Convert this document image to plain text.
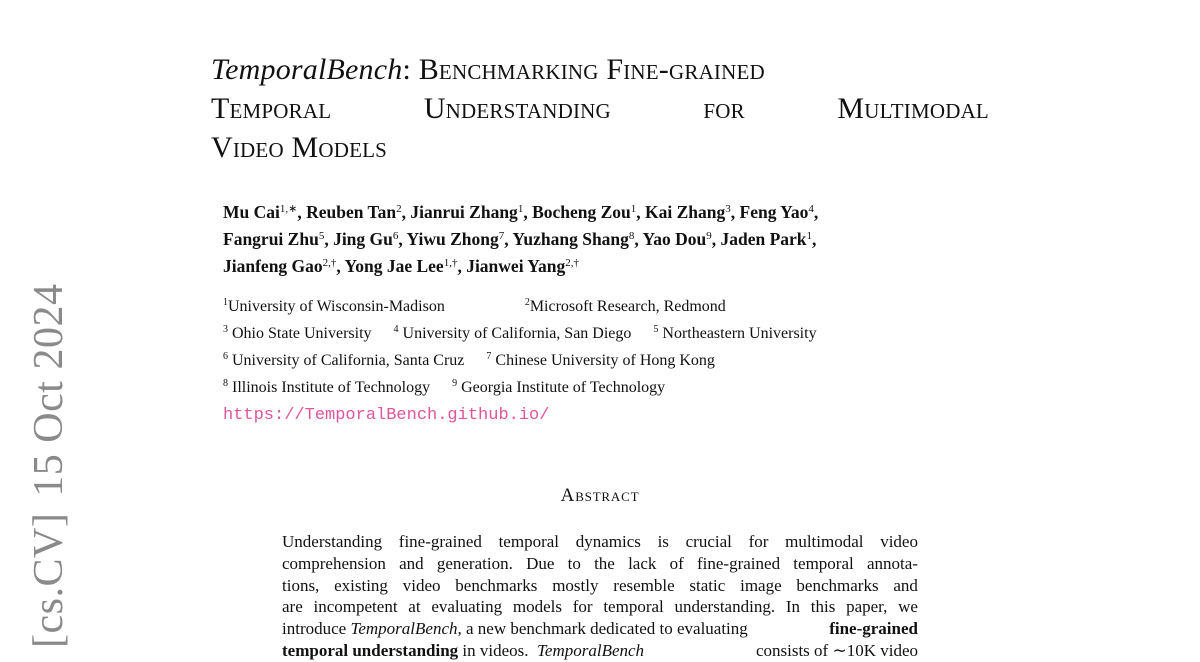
[cs.CV]15 Oct 2024
TemporalBench: Benchmarking Fine-grained
Temporal	Understanding	for	Multimodal
Video Models
Mu Cai$^{1,∗}$, Reuben Tan$^2$, Jianrui Zhang$^1$, Bocheng Zou$^1$, Kai Zhang$^3$, Feng Yao$^4$,
Fangrui Zhu$^5$, Jing Gu$^6$, Yiwu Zhong$^7$, Yuzhang Shang$^8$, Yao Dou$^9$, Jaden Park$^1$,
Jianfeng Gao$^{2,\dagger}$, Yong Jae Lee$^{1,\dagger}$, Jianwei Yang$^{2,\dagger}$
$^1$University of Wisconsin-Madison	$^2$Microsoft Research, Redmond
$^3$ Ohio State University $^4$ University of California, San Diego $^5$ Northeastern University
$^6$ University of California, Santa Cruz $^7$ Chinese University of Hong Kong
$^8$ Illinois Institute of Technology $^9$ Georgia Institute of Technology
https://TemporalBench.github.io/
Abstract
Understanding fine-grained temporal dynamics is crucial for multimodal video
comprehension and generation. Due to the lack of fine-grained temporal annota-
tions, existing video benchmarks mostly resemble static image benchmarks and
are incompetent at evaluating models for temporal understanding. In this paper, we
introduce TemporalBench, a new benchmark dedicated to evaluating	fine-grained
temporal understanding in videos. TemporalBench	consists of ∼10K video
